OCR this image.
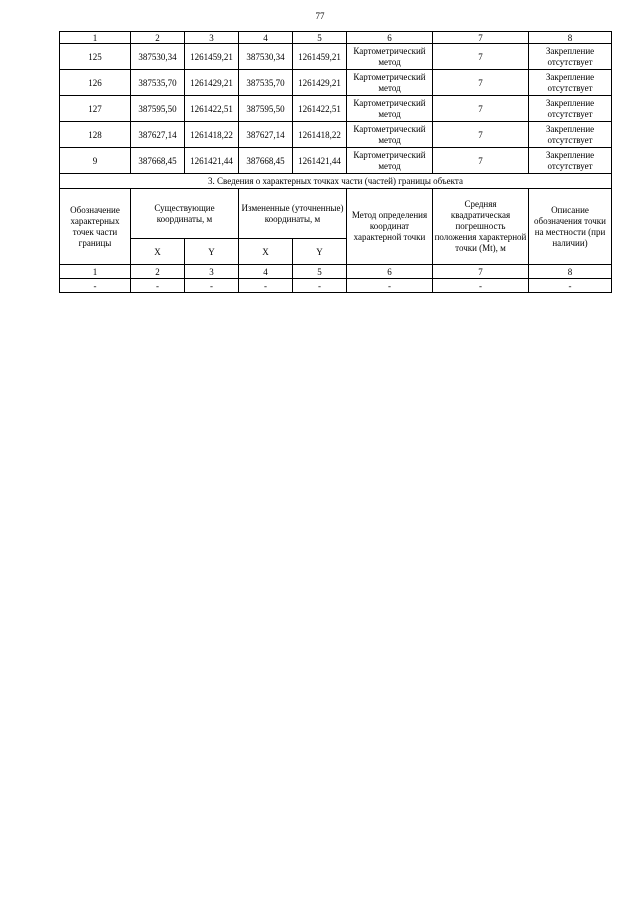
77
1	2	3	4	5	6	7	8
125	387530,34	1261459,21	387530,34	1261459,21	Картометрический метод	7	Закрепление отсутствует
126	387535,70	1261429,21	387535,70	1261429,21	Картометрический метод	7	Закрепление отсутствует
127	387595,50	1261422,51	387595,50	1261422,51	Картометрический метод	7	Закрепление отсутствует
128	387627,14	1261418,22	387627,14	1261418,22	Картометрический метод	7	Закрепление отсутствует
9	387668,45	1261421,44	387668,45	1261421,44	Картометрический метод	7	Закрепление отсутствует
3. Сведения о характерных точках части (частей) границы объекта							
Обозначение характерных точек части границы	Существующие координаты, м		Измененные (уточненные) координаты, м		Метод определения координат характерной точки	Средняя квадратическая погрешность положения характерной точки (Mt), м	Описание обозначения точки на местности (при наличии)
	X	Y	X	Y			
1	2	3	4	5	6	7	8
-	-	-	-	-	-	-	-
